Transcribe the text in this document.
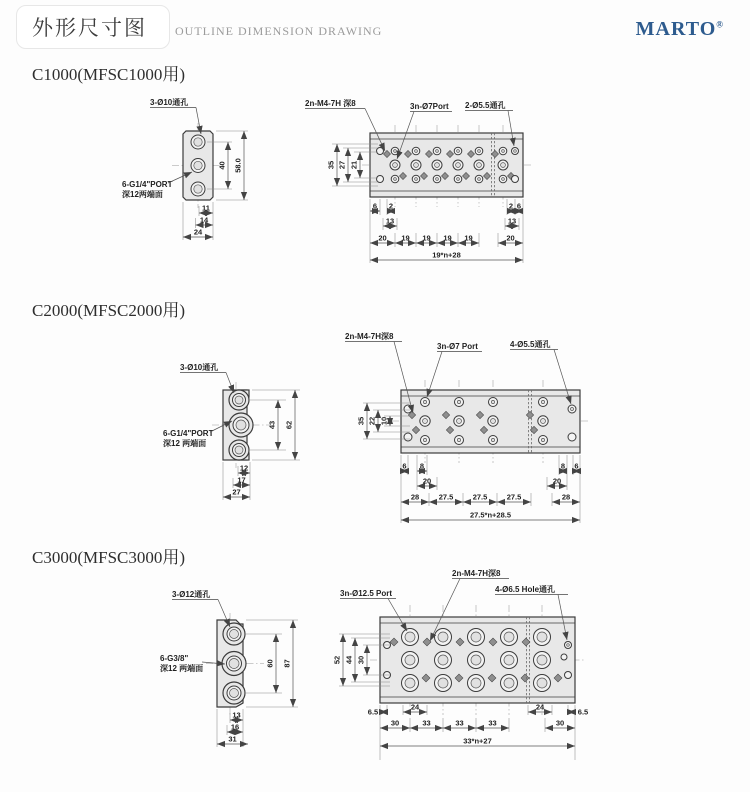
外形尺寸图 OUTLINE DIMENSION DRAWING	MARTO®
C1000(MFSC1000用)
C2000(MFSC2000用)
C3000(MFSC3000用)
3-Ø10通孔
6-G1/4"PORT
深12两端面
40 58.0
11
14
24
2n-M4-7H 深8	3n-Ø7Port 2-Ø5.5通孔
35 27 21
6 2	2 6
13	13
20 19 19 19 19	20
19*n+28
3-Ø10通孔
6-G1/4"PORT
深12 两端面
43 62
12
17
27
2n-M4-7H深8
3n-Ø7 Port	4-Ø5.5通孔
35 22 10
6 8	8 6
20	20
28	27.5	27.5	27.5	28
27.5*n+28.5
3-Ø12通孔
6-G3/8"
深12 两端面
60 87
13
16
31
2n-M4-7H深8
3n-Ø12.5 Port	4-Ø6.5 Hole通孔
52 44 30
6.5
24	24
6.5
30	33	33	33	30
33*n+27
